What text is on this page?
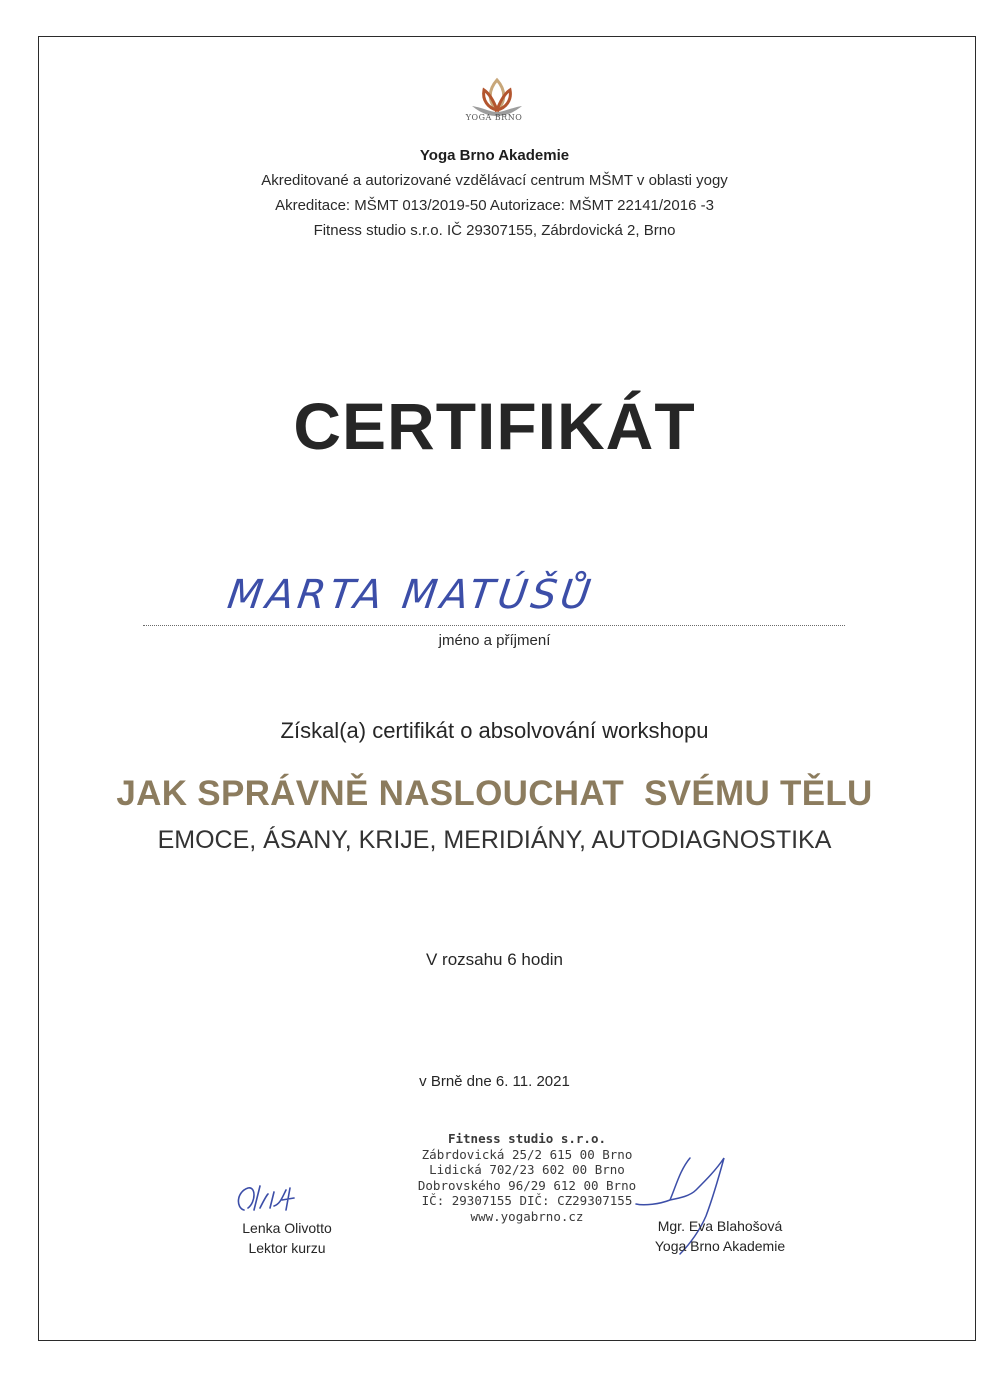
YOGA BRNO
Yoga Brno Akademie
Akreditované a autorizované vzdělávací centrum MŠMT v oblasti yogy
Akreditace: MŠMT 013/2019-50 Autorizace: MŠMT 22141/2016 -3
Fitness studio s.r.o. IČ 29307155, Zábrdovická 2, Brno
CERTIFIKÁT
MARTA MATÚŠŮ
jméno a příjmení
Získal(a) certifikát o absolvování workshopu
JAK SPRÁVNĚ NASLOUCHAT  SVÉMU TĚLU
EMOCE, ÁSANY, KRIJE, MERIDIÁNY, AUTODIAGNOSTIKA
V rozsahu 6 hodin
v Brně dne 6. 11. 2021
Fitness studio s.r.o.
Zábrdovická 25/2 615 00 Brno
Lidická 702/23 602 00 Brno
Dobrovského 96/29 612 00 Brno
IČ: 29307155 DIČ: CZ29307155
www.yogabrno.cz
Lenka Olivotto
Lektor kurzu
Mgr. Eva Blahošová
Yoga Brno Akademie
